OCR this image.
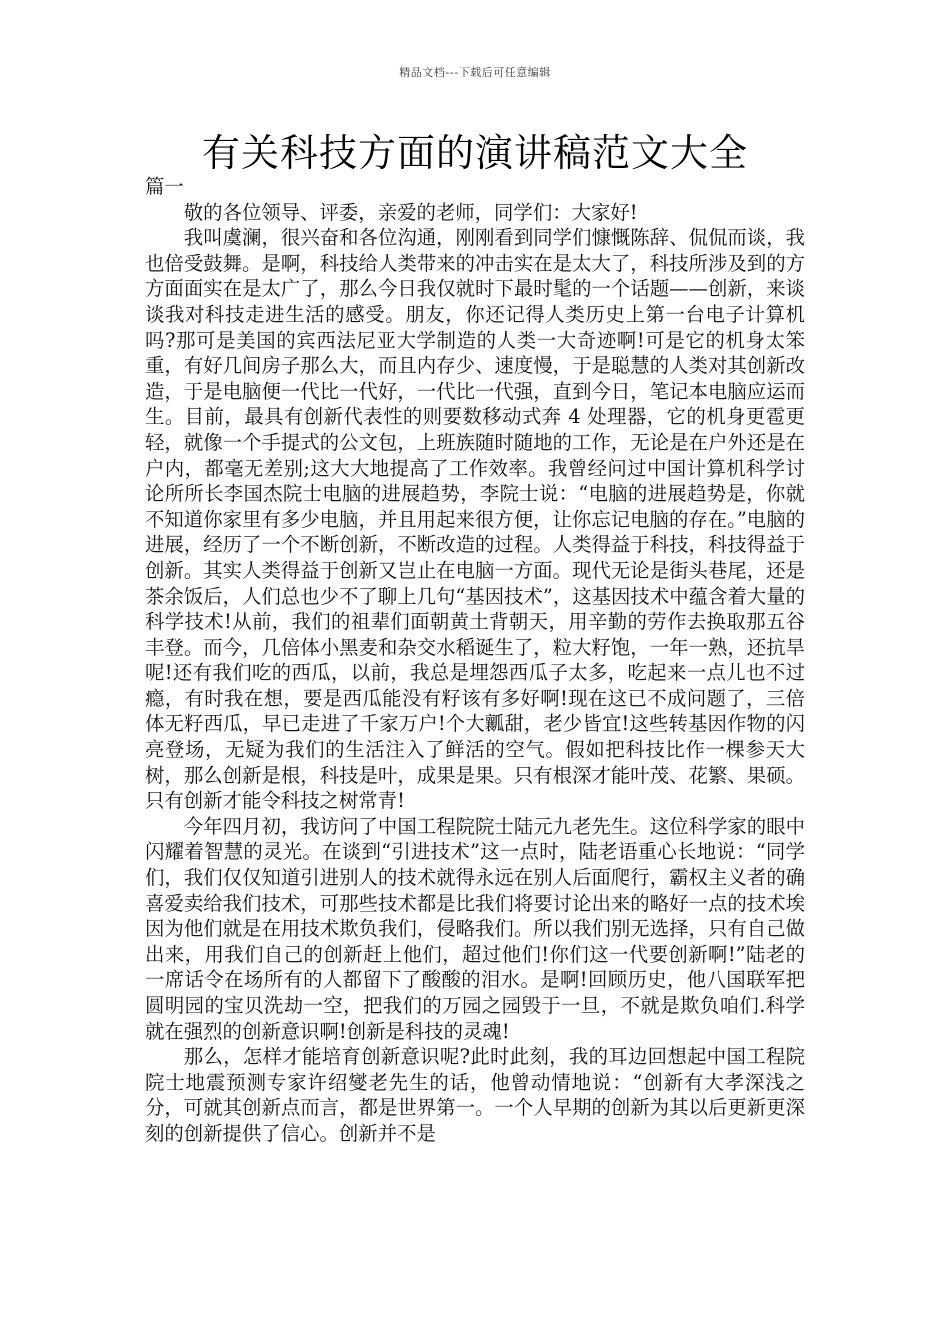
精品文档---下载后可任意编辑
有关科技方面的演讲稿范文大全

篇一

敬的各位领导、评委，亲爱的老师，同学们：大家好!

我叫虞澜，很兴奋和各位沟通，刚刚看到同学们慷慨陈辞、侃侃而谈，我也倍受鼓舞。是啊，科技给人类带来的冲击实在是太大了，科技所涉及到的方方面面实在是太广了，那么今日我仅就时下最时髦的一个话题——创新，来谈谈我对科技走进生活的感受。朋友，你还记得人类历史上第一台电子计算机吗?那可是美国的宾西法尼亚大学制造的人类一大奇迹啊!可是它的机身太笨重，有好几间房子那么大，而且内存少、速度慢，于是聪慧的人类对其创新改造，于是电脑便一代比一代好，一代比一代强，直到今日，笔记本电脑应运而生。目前，最具有创新代表性的则要数移动式奔 4 处理器，它的机身更雹更轻，就像一个手提式的公文包，上班族随时随地的工作，无论是在户外还是在户内，都毫无差别;这大大地提高了工作效率。我曾经问过中国计算机科学讨论所所长李国杰院士电脑的进展趋势，李院士说：“电脑的进展趋势是，你就不知道你家里有多少电脑，并且用起来很方便，让你忘记电脑的存在。”电脑的进展，经历了一个不断创新，不断改造的过程。人类得益于科技，科技得益于创新。其实人类得益于创新又岂止在电脑一方面。现代无论是街头巷尾，还是茶余饭后，人们总也少不了聊上几句“基因技术”，这基因技术中蕴含着大量的科学技术!从前，我们的祖辈们面朝黄土背朝天，用辛勤的劳作去换取那五谷丰登。而今，几倍体小黑麦和杂交水稻诞生了，粒大籽饱，一年一熟，还抗旱呢!还有我们吃的西瓜，以前，我总是埋怨西瓜子太多，吃起来一点儿也不过瘾，有时我在想，要是西瓜能没有籽该有多好啊!现在这已不成问题了，三倍体无籽西瓜，早已走进了千家万户!个大瓤甜，老少皆宜!这些转基因作物的闪亮登场，无疑为我们的生活注入了鲜活的空气。假如把科技比作一棵参天大树，那么创新是根，科技是叶，成果是果。只有根深才能叶茂、花繁、果硕。只有创新才能令科技之树常青!

今年四月初，我访问了中国工程院院士陆元九老先生。这位科学家的眼中闪耀着智慧的灵光。在谈到“引进技术”这一点时，陆老语重心长地说：“同学们，我们仅仅知道引进别人的技术就得永远在别人后面爬行，霸权主义者的确喜爱卖给我们技术，可那些技术都是比我们将要讨论出来的略好一点的技术埃因为他们就是在用技术欺负我们，侵略我们。所以我们别无选择，只有自己做出来，用我们自己的创新赶上他们，超过他们!你们这一代要创新啊!”陆老的一席话令在场所有的人都留下了酸酸的泪水。是啊!回顾历史，他八国联军把圆明园的宝贝洗劫一空，把我们的万园之园毁于一旦，不就是欺负咱们.科学就在强烈的创新意识啊!创新是科技的灵魂!

那么，怎样才能培育创新意识呢?此时此刻，我的耳边回想起中国工程院院士地震预测专家许绍燮老先生的话，他曾动情地说：“创新有大孝深浅之分，可就其创新点而言，都是世界第一。一个人早期的创新为其以后更新更深刻的创新提供了信心。创新并不是
